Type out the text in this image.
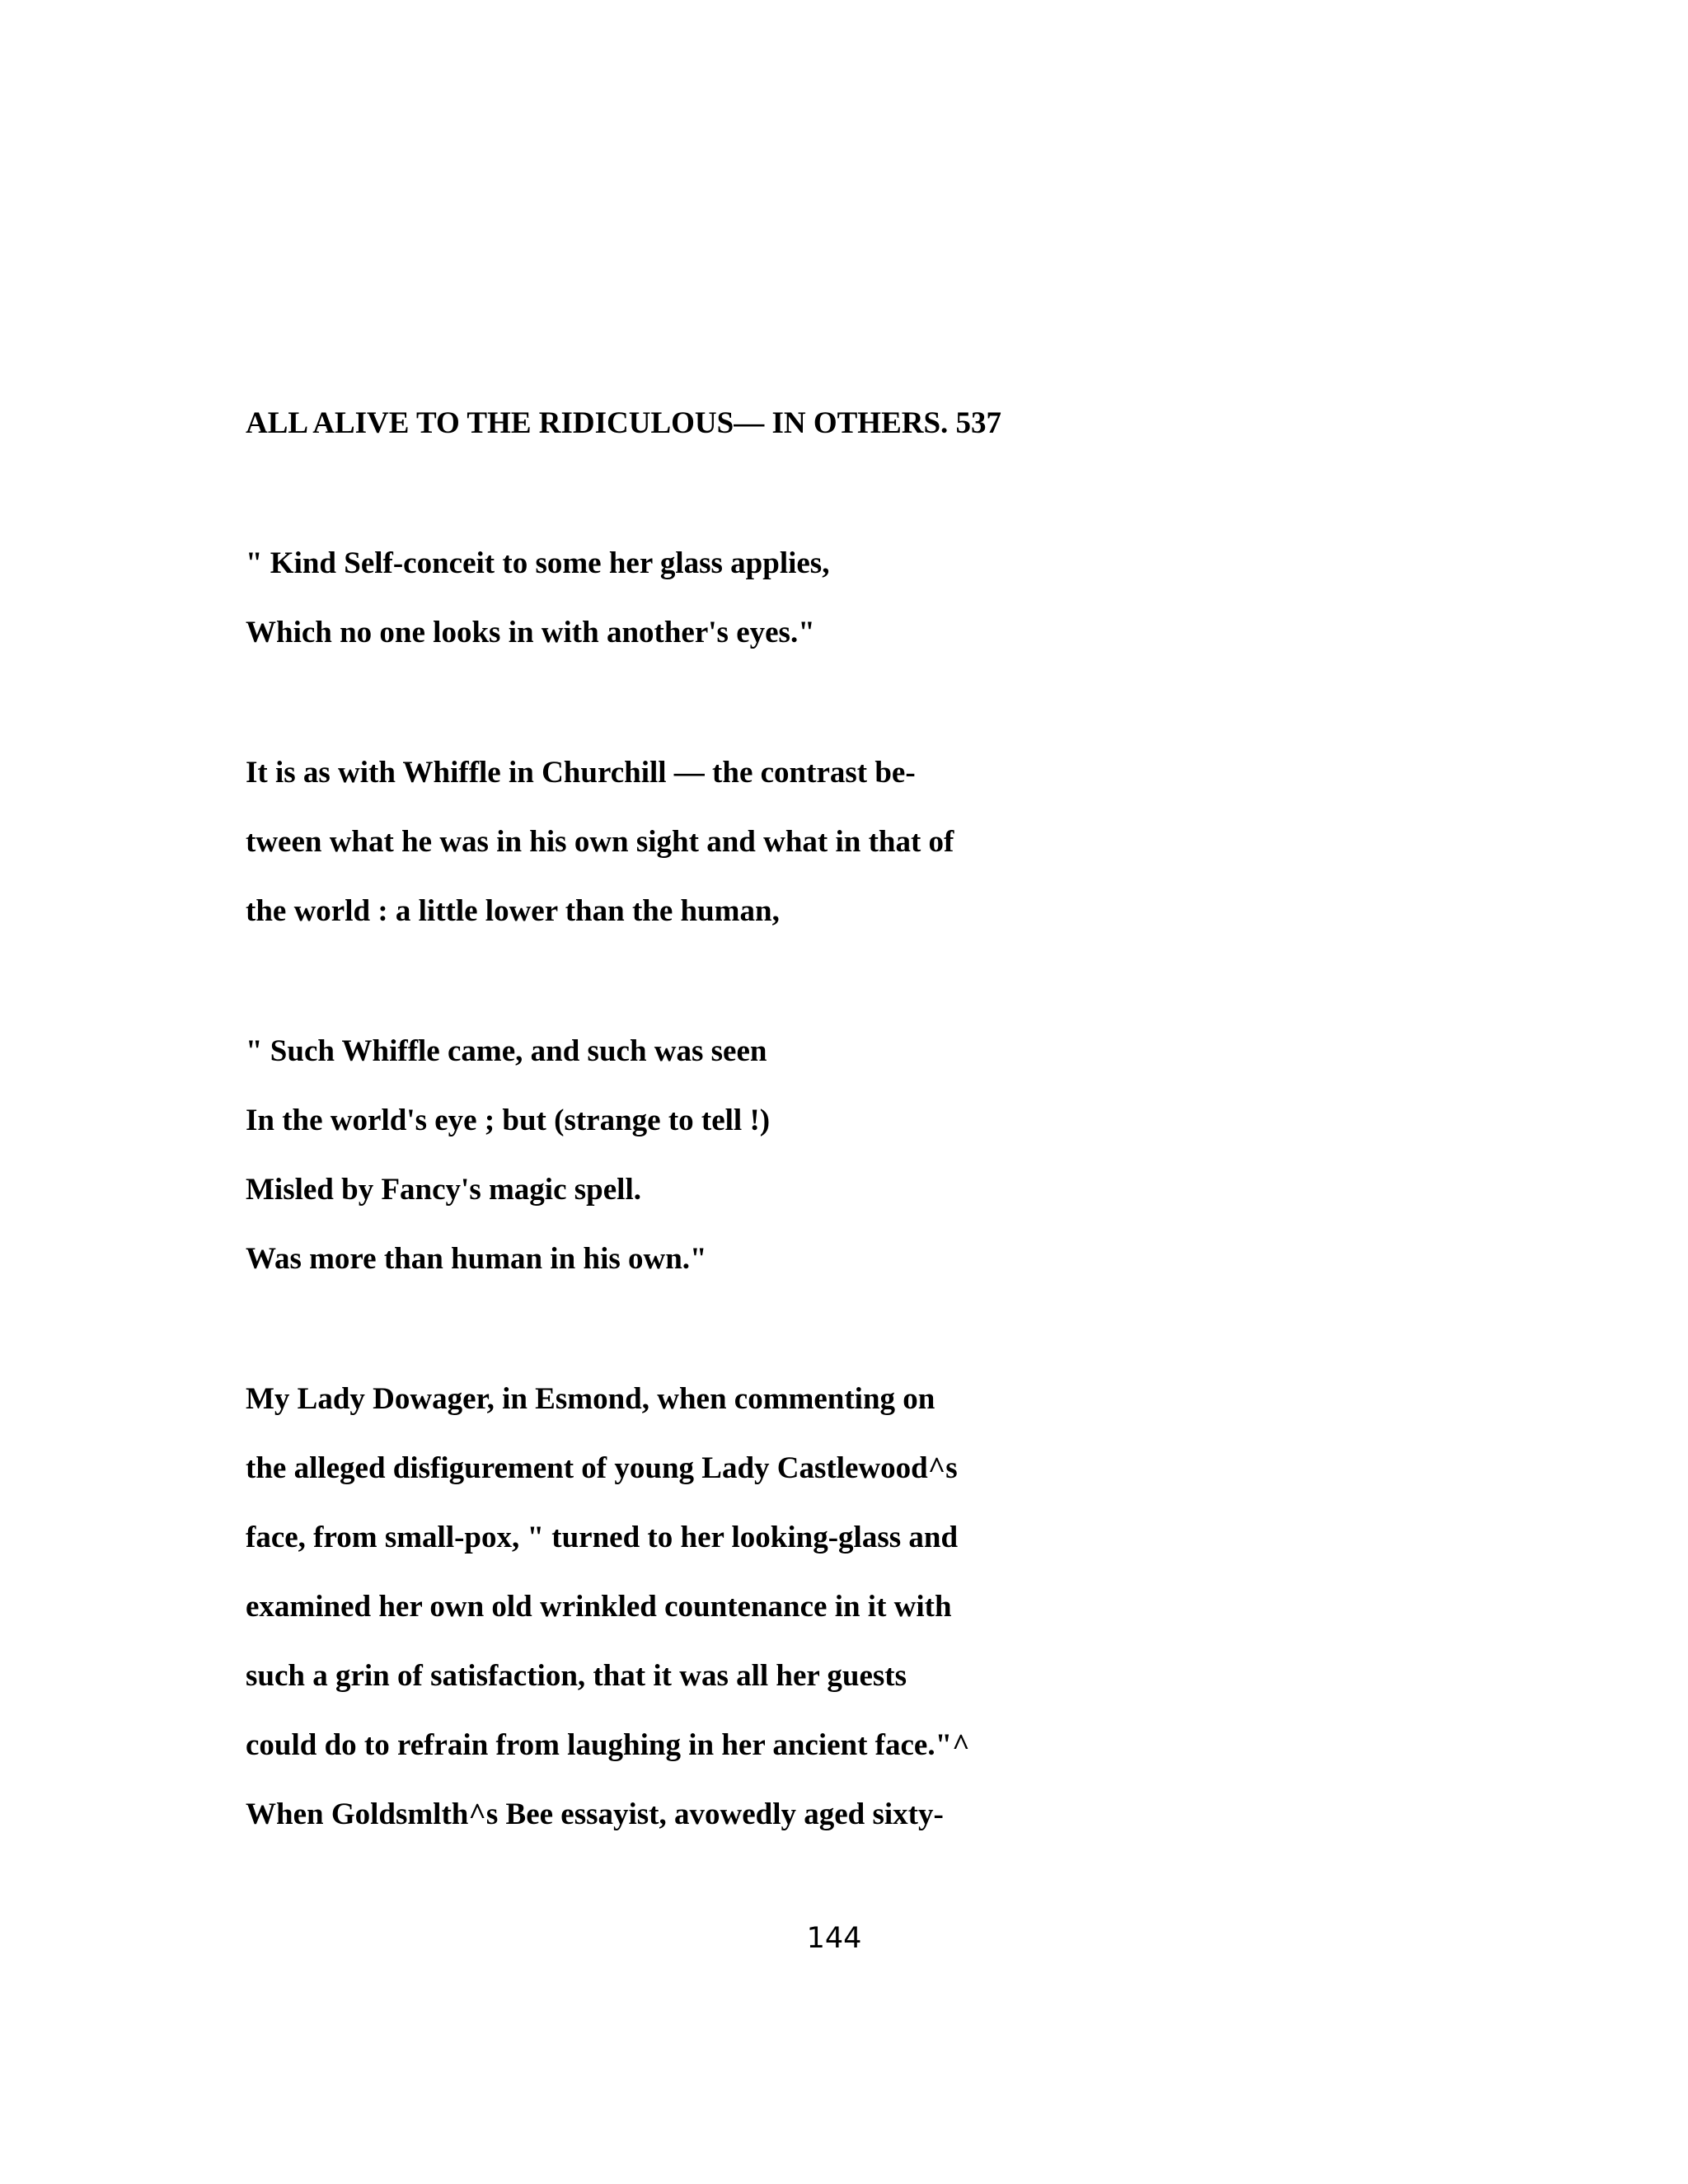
ALL ALIVE TO THE RIDICULOUS— IN OTHERS. 537

" Kind Self-conceit to some her glass applies,

Which no one looks in with another's eyes."

It is as with Whiffle in Churchill — the contrast be-

tween what he was in his own sight and what in that of

the world : a little lower than the human,

" Such Whiffle came, and such was seen

In the world's eye ; but (strange to tell !)

Misled by Fancy's magic spell.

Was more than human in his own."

My Lady Dowager, in Esmond, when commenting on

the alleged disfigurement of young Lady Castlewood^s

face, from small-pox, " turned to her looking-glass and

examined her own old wrinkled countenance in it with

such a grin of satisfaction, that it was all her guests

could do to refrain from laughing in her ancient face."^

When Goldsmlth^s Bee essayist, avowedly aged sixty-

144
